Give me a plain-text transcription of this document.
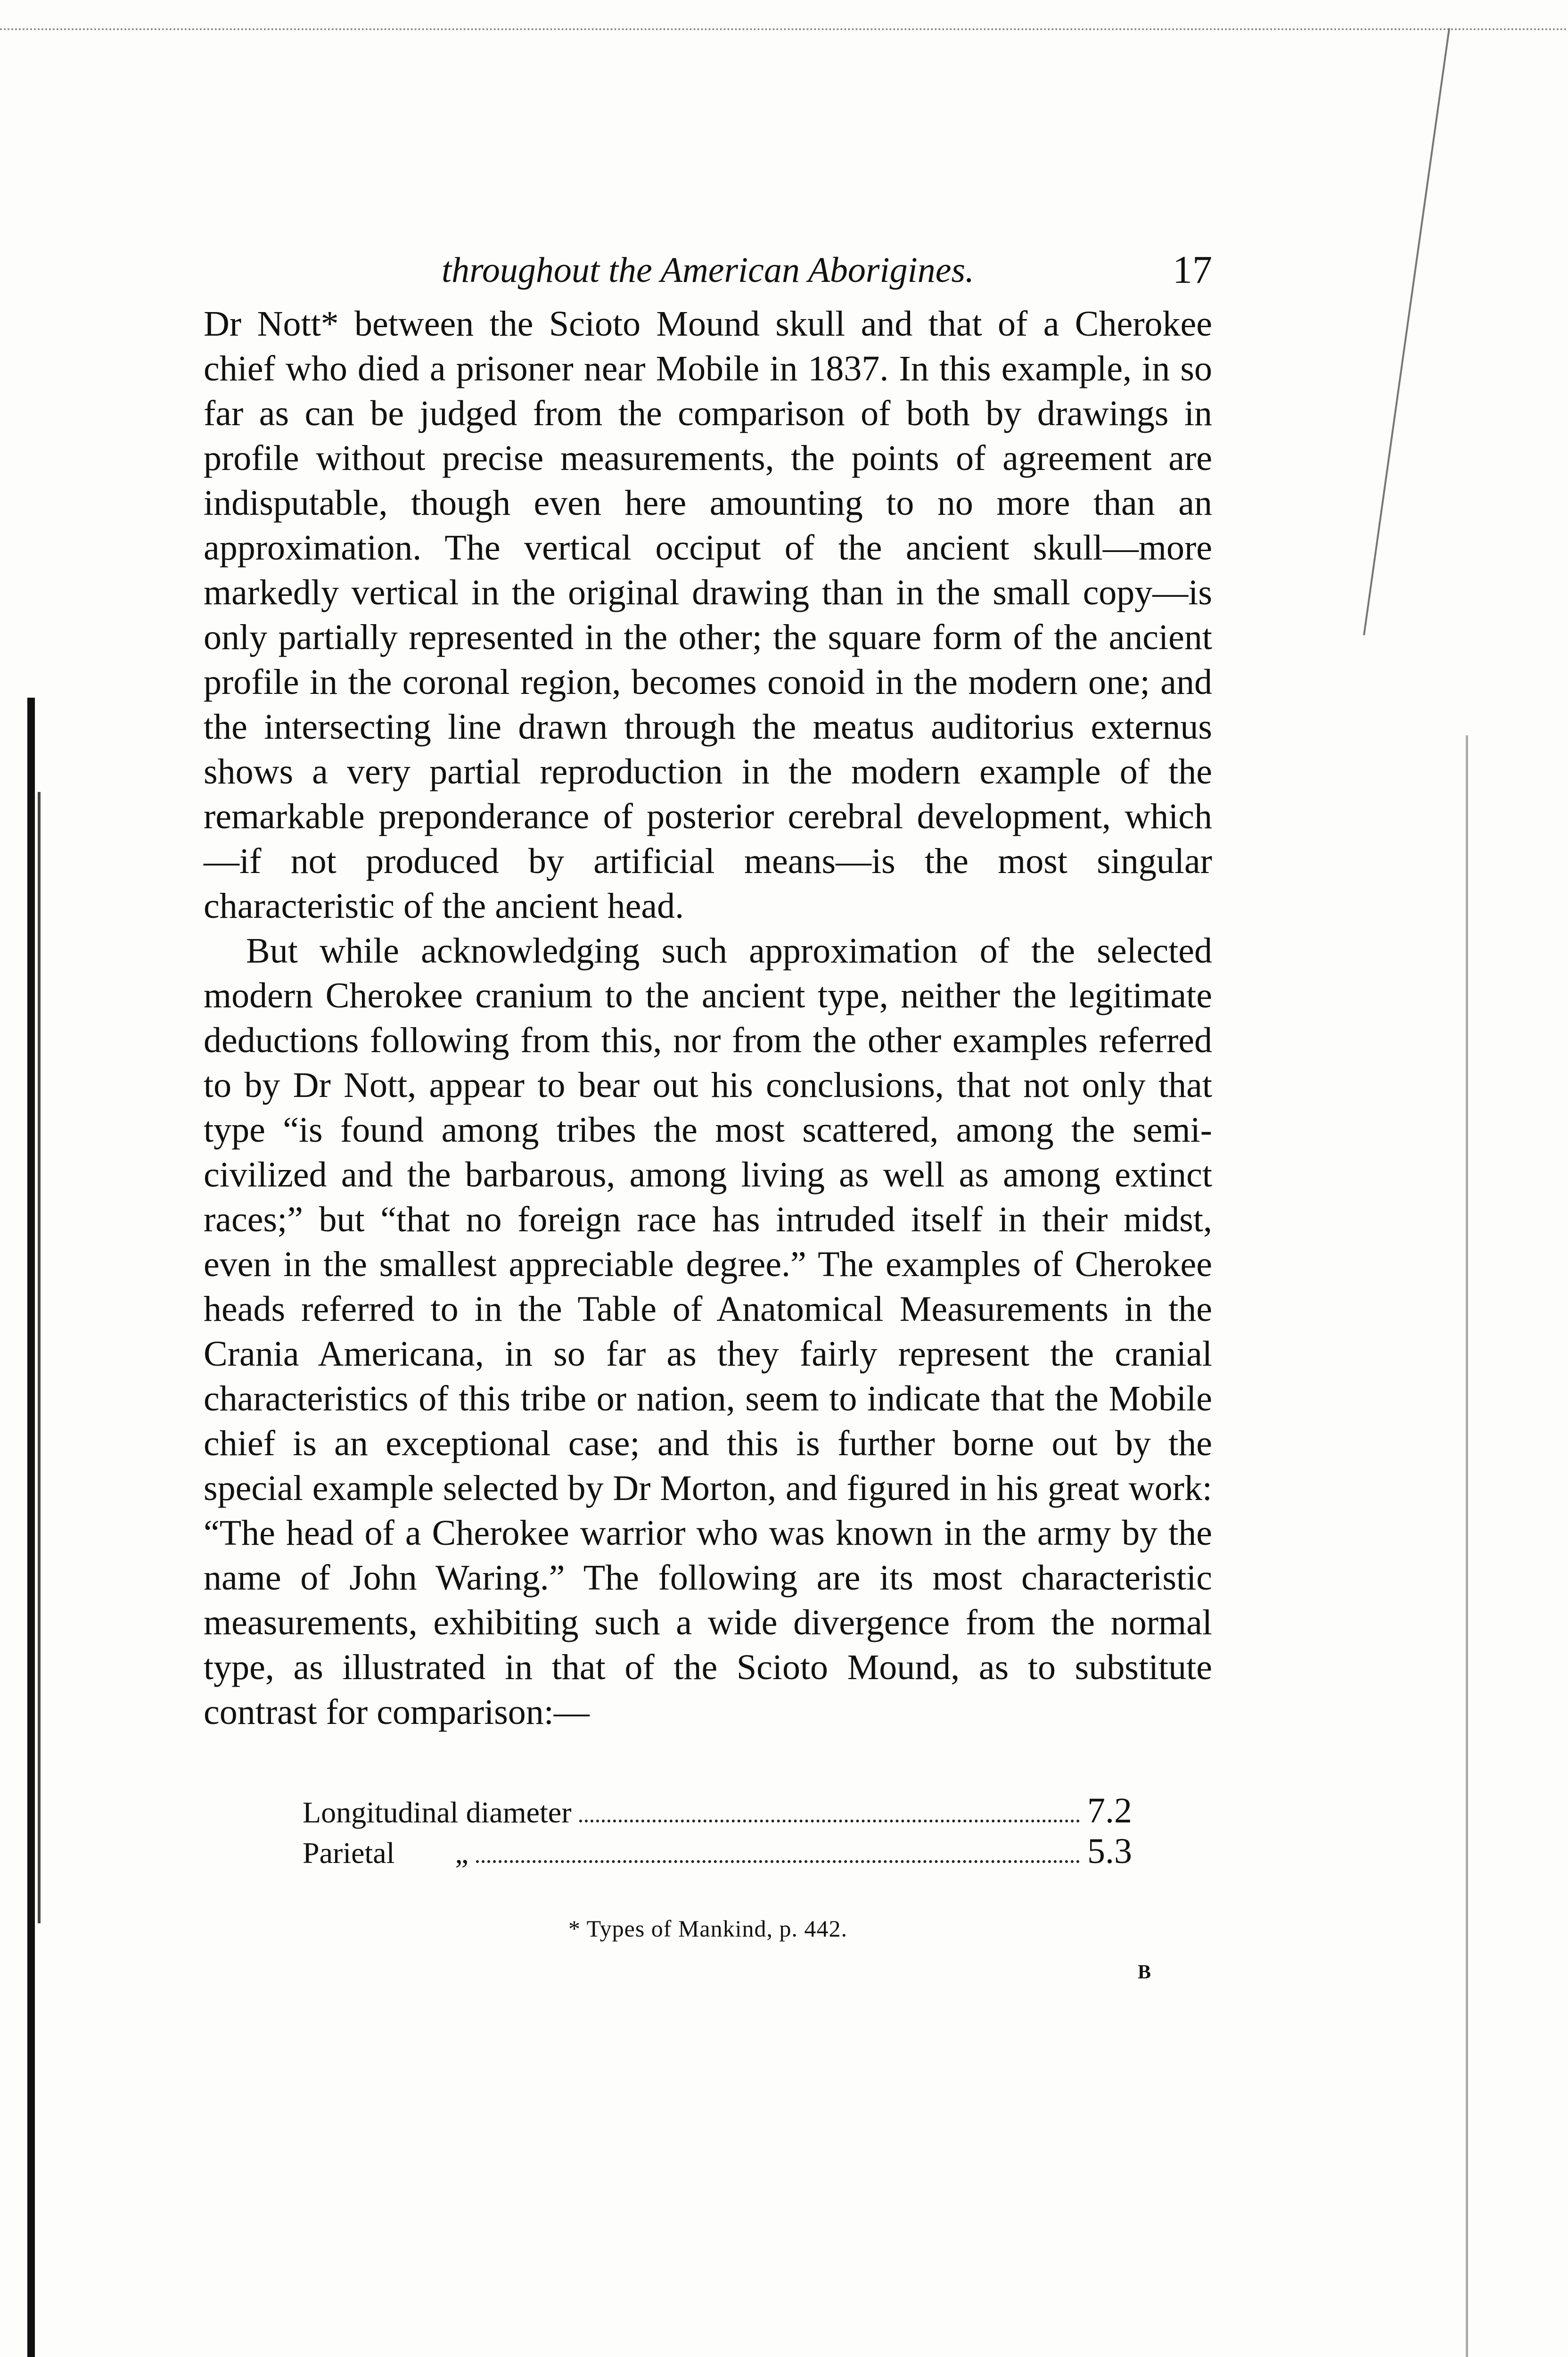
throughout the American Aborigines.	17

Dr Nott* between the Scioto Mound skull and that of a Cherokee chief who died a prisoner near Mobile in 1837. In this example, in so far as can be judged from the comparison of both by drawings in profile without precise measurements, the points of agreement are indisputable, though even here amounting to no more than an approximation. The vertical occiput of the ancient skull—more markedly vertical in the original drawing than in the small copy—is only partially represented in the other; the square form of the ancient profile in the coronal region, becomes conoid in the modern one; and the intersecting line drawn through the meatus auditorius externus shows a very partial reproduction in the modern example of the remarkable preponderance of posterior cerebral development, which—if not produced by artificial means—is the most singular characteristic of the ancient head.

But while acknowledging such approximation of the selected modern Cherokee cranium to the ancient type, neither the legitimate deductions following from this, nor from the other examples referred to by Dr Nott, appear to bear out his conclusions, that not only that type “is found among tribes the most scattered, among the semi-civilized and the barbarous, among living as well as among extinct races;” but “that no foreign race has intruded itself in their midst, even in the smallest appreciable degree.” The examples of Cherokee heads referred to in the Table of Anatomical Measurements in the Crania Americana, in so far as they fairly represent the cranial characteristics of this tribe or nation, seem to indicate that the Mobile chief is an exceptional case; and this is further borne out by the special example selected by Dr Morton, and figured in his great work: “The head of a Cherokee warrior who was known in the army by the name of John Waring.” The following are its most characteristic measurements, exhibiting such a wide divergence from the normal type, as illustrated in that of the Scioto Mound, as to substitute contrast for comparison:—

Longitudinal diameter	7.2
Parietal        „	5.3
* Types of Mankind, p. 442.
B
